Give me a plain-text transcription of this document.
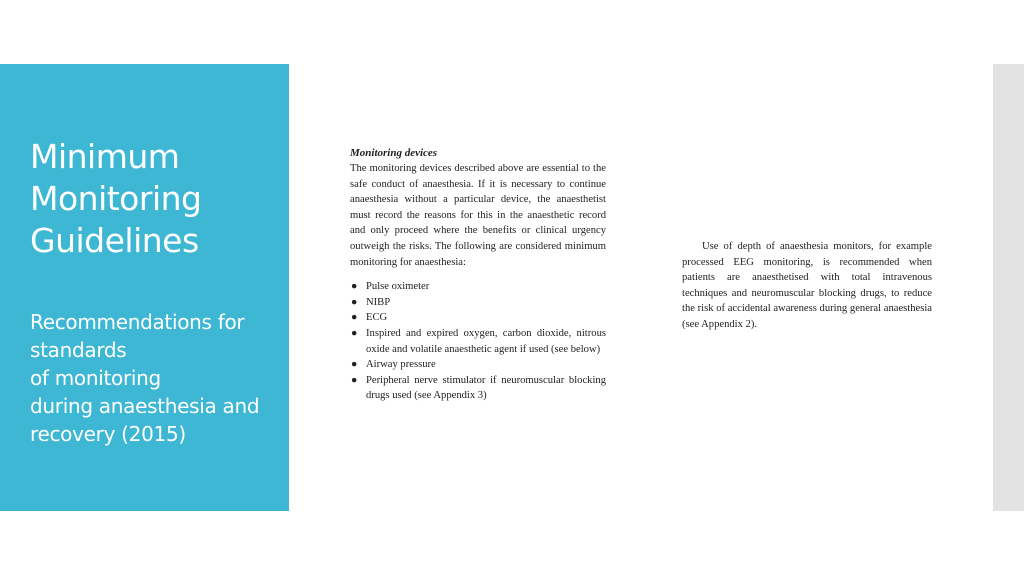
Minimum Monitoring Guidelines

Recommendations for standards
of monitoring
during anaesthesia and
recovery (2015)

Monitoring devices

The monitoring devices described above are essential to the safe conduct of anaesthesia. If it is necessary to continue anaesthesia without a particular device, the anaesthetist must record the reasons for this in the anaesthetic record and only proceed where the benefits or clinical urgency outweigh the risks. The following are considered minimum monitoring for anaesthesia:

● Pulse oximeter
● NIBP
● ECG
● Inspired and expired oxygen, carbon dioxide, nitrous oxide and volatile anaesthetic agent if used (see below)
● Airway pressure
● Peripheral nerve stimulator if neuromuscular blocking drugs used (see Appendix 3)

Use of depth of anaesthesia monitors, for example processed EEG monitoring, is recommended when patients are anaesthetised with total intravenous techniques and neuromuscular blocking drugs, to reduce the risk of accidental awareness during general anaesthesia (see Appendix 2).
